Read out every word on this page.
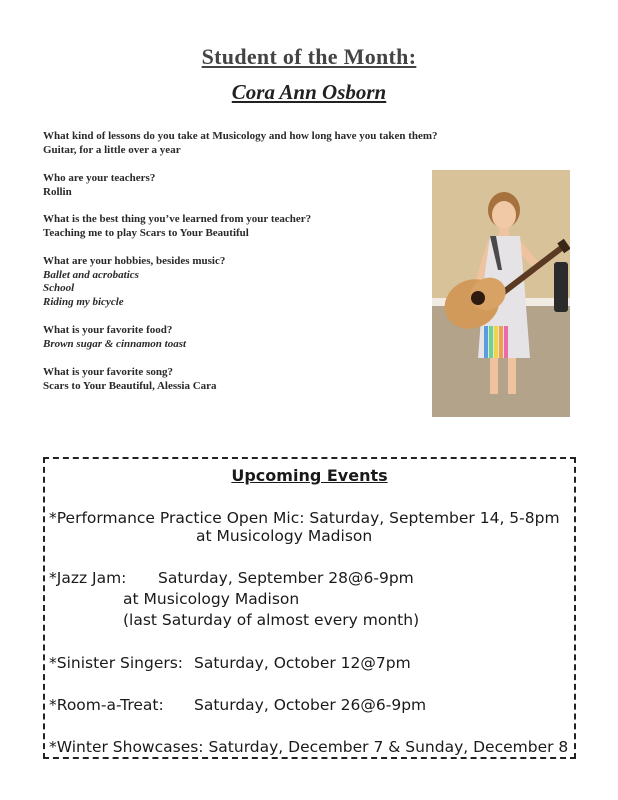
Student of the Month:
Cora Ann Osborn
What kind of lessons do you take at Musicology and how long have you taken them?
Guitar, for a little over a year
Who are your teachers?
Rollin
What is the best thing you’ve learned from your teacher?
Teaching me to play Scars to Your Beautiful
What are your hobbies, besides music?
Ballet and acrobatics
School
Riding my bicycle
What is your favorite food?
Brown sugar & cinnamon toast
What is your favorite song?
Scars to Your Beautiful, Alessia Cara
Upcoming Events
*Performance Practice Open Mic: Saturday, September 14, 5-8pm
at Musicology Madison
*Jazz Jam: Saturday, September 28@6-9pm
at Musicology Madison
(last Saturday of almost every month)
*Sinister Singers: Saturday, October 12@7pm
*Room-a-Treat: Saturday, October 26@6-9pm
*Winter Showcases: Saturday, December 7 & Sunday, December 8
